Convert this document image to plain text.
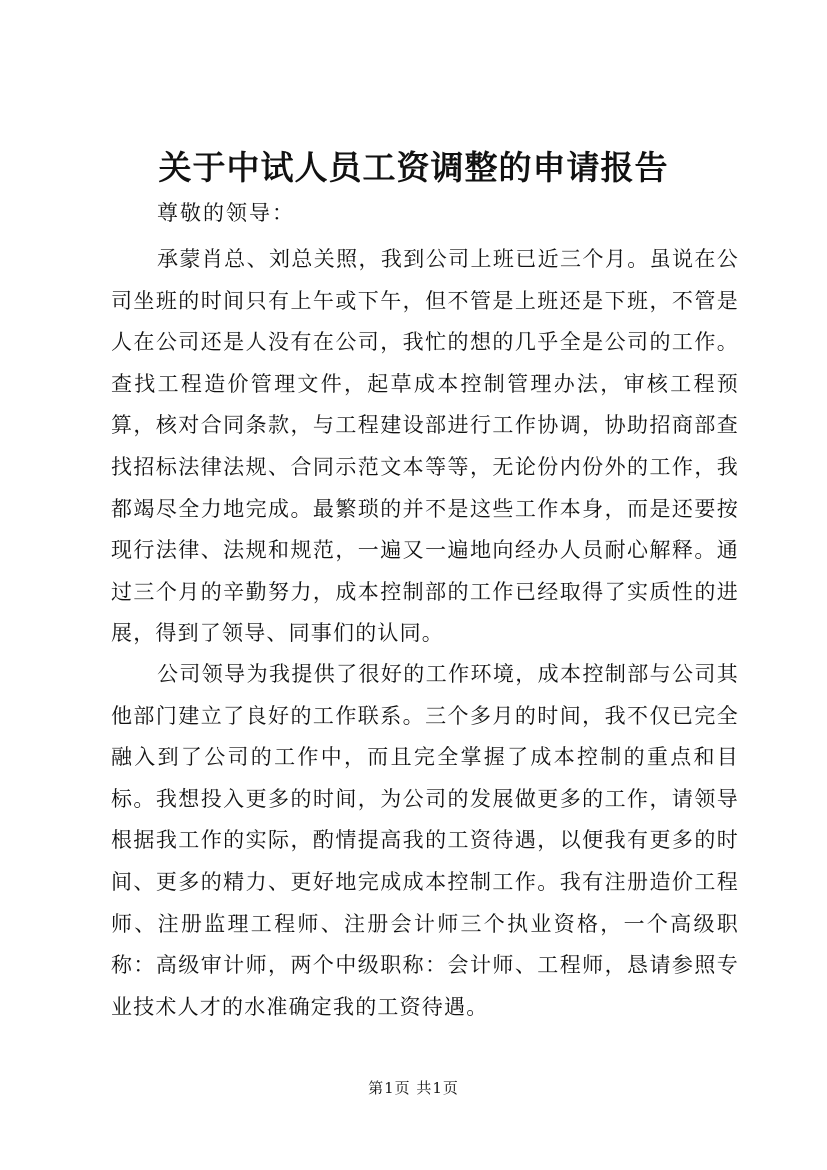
关于中试人员工资调整的申请报告
尊敬的领导：
承蒙肖总、刘总关照，我到公司上班已近三个月。虽说在公司坐班的时间只有上午或下午，但不管是上班还是下班，不管是人在公司还是人没有在公司，我忙的想的几乎全是公司的工作。查找工程造价管理文件，起草成本控制管理办法，审核工程预算，核对合同条款，与工程建设部进行工作协调，协助招商部查找招标法律法规、合同示范文本等等，无论份内份外的工作，我都竭尽全力地完成。最繁琐的并不是这些工作本身，而是还要按现行法律、法规和规范，一遍又一遍地向经办人员耐心解释。通过三个月的辛勤努力，成本控制部的工作已经取得了实质性的进展，得到了领导、同事们的认同。
公司领导为我提供了很好的工作环境，成本控制部与公司其他部门建立了良好的工作联系。三个多月的时间，我不仅已完全融入到了公司的工作中，而且完全掌握了成本控制的重点和目标。我想投入更多的时间，为公司的发展做更多的工作，请领导根据我工作的实际，酌情提高我的工资待遇，以便我有更多的时间、更多的精力、更好地完成成本控制工作。我有注册造价工程师、注册监理工程师、注册会计师三个执业资格，一个高级职称：高级审计师，两个中级职称：会计师、工程师，恳请参照专业技术人才的水准确定我的工资待遇。
第1页 共1页
